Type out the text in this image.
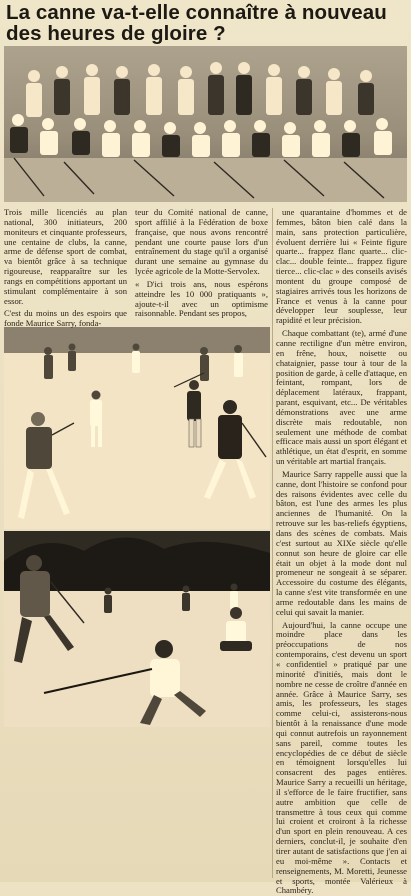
La canne va-t-elle connaître à nouveau des heures de gloire ?

Trois mille licenciés au plan national, 300 initiateurs, 200 moniteurs et cinquante professeurs, une centaine de clubs, la canne, arme de défense sport de combat, va bientôt grâce à sa technique rigoureuse, reapparaître sur les rangs en compétitions apportant un stimulant complémentaire à son essor.

C'est du moins un des espoirs que fonde Maurice Sarry, fonda-

teur du Comité national de canne, sport affilié à la Fédération de boxe française, que nous avons rencontré pendant une courte pause lors d'un entraînement du stage qu'il a organisé durant une semaine au gymnase du lycée agricole de la Motte-Servolex.

« D'ici trois ans, nous espérons atteindre les 10 000 pratiquants », ajoute-t-il avec un optimisme raisonnable. Pendant ses propos,

une quarantaine d'hommes et de femmes, bâton bien calé dans la main, sans protection particulière, évoluent derrière lui « Feinte figure quarte... frappez flanc quarte... clic-clac... double feinte... frappez figure tierce... clic-clac » des conseils avisés montent du groupe composé de stagiaires arrivés tous les horizons de France et venus à la canne pour développer leur souplesse, leur rapidité et leur précision.

Chaque combattant (te), armé d'une canne rectiligne d'un mètre environ, en frêne, houx, noisette ou chataignier, passe tour à tour de la position de garde, à celle d'attaque, en feintant, rompant, lors de déplacement latéraux, frappant, parant, esquivant, etc... De véritables démonstrations avec une arme discrète mais redoutable, non seulement une méthode de combat efficace mais aussi un sport élégant et athlétique, un état d'esprit, en somme un véritable art martial français.

Maurice Sarry rappelle aussi que la canne, dont l'histoire se confond pour des raisons évidentes avec celle du bâton, est l'une des armes les plus anciennes de l'humanité. On la retrouve sur les bas-reliefs égyptiens, dans des scènes de combats. Mais c'est surtout au XIXe siècle qu'elle connut son heure de gloire car elle était un objet à la mode dont nul promeneur ne songeait à se séparer. Accessoire du costume des élégants, la canne s'est vite transformée en une arme redoutable dans les mains de celui qui savait la manier.

Aujourd'hui, la canne occupe une moindre place dans les préoccupations de nos contemporains, c'est devenu un sport « confidentiel » pratiqué par une minorité d'initiés, mais dont le nombre ne cesse de croître d'année en année. Grâce à Maurice Sarry, ses amis, les professeurs, les stages comme celui-ci, assisterons-nous bientôt à la renaissance d'une mode qui connut autrefois un rayonnement sans pareil, comme toutes les encyclopédies de ce début de siècle en témoignent lorsqu'elles lui consacrent des pages entières. Maurice Sarry a recueilli un héritage, il s'efforce de le faire fructifier, sans autre ambition que celle de transmettre à tous ceux qui comme lui croient et croiront à la richesse d'un sport en plein renouveau. A ces derniers, conclut-il, je souhaite d'en tirer autant de satisfactions que j'en ai eu moi-même ». Contacts et renseignements, M. Moretti, Jeunesse et sports, montée Valérieux à Chambéry.
